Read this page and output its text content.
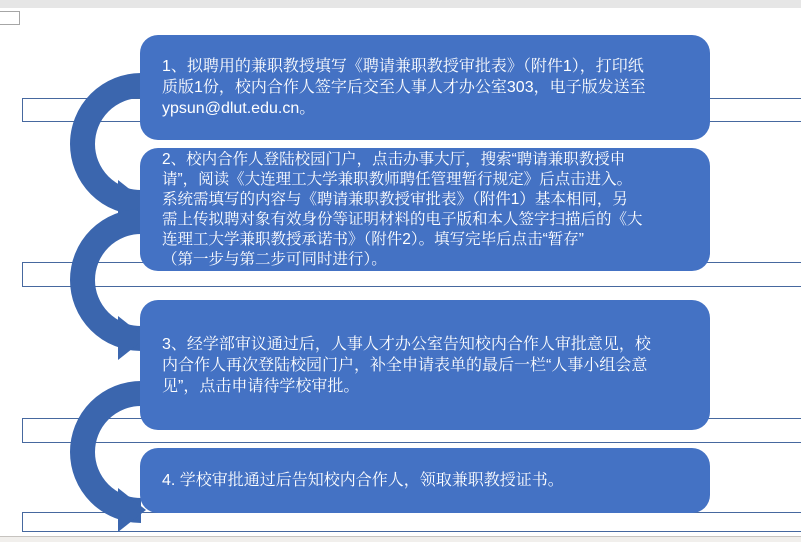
1、拟聘用的兼职教授填写《聘请兼职教授审批表》（附件1），打印纸
质版1份，校内合作人签字后交至人事人才办公室303，电子版发送至
ypsun@dlut.edu.cn。
2、校内合作人登陆校园门户，点击办事大厅，搜索“聘请兼职教授申
请”，阅读《大连理工大学兼职教师聘任管理暂行规定》后点击进入。
系统需填写的内容与《聘请兼职教授审批表》（附件1）基本相同，另
需上传拟聘对象有效身份等证明材料的电子版和本人签字扫描后的《大
连理工大学兼职教授承诺书》（附件2）。填写完毕后点击“暂存”
（第一步与第二步可同时进行）。
3、经学部审议通过后，人事人才办公室告知校内合作人审批意见，校
内合作人再次登陆校园门户，补全申请表单的最后一栏“人事小组会意
见”，点击申请待学校审批。
4. 学校审批通过后告知校内合作人，领取兼职教授证书。
